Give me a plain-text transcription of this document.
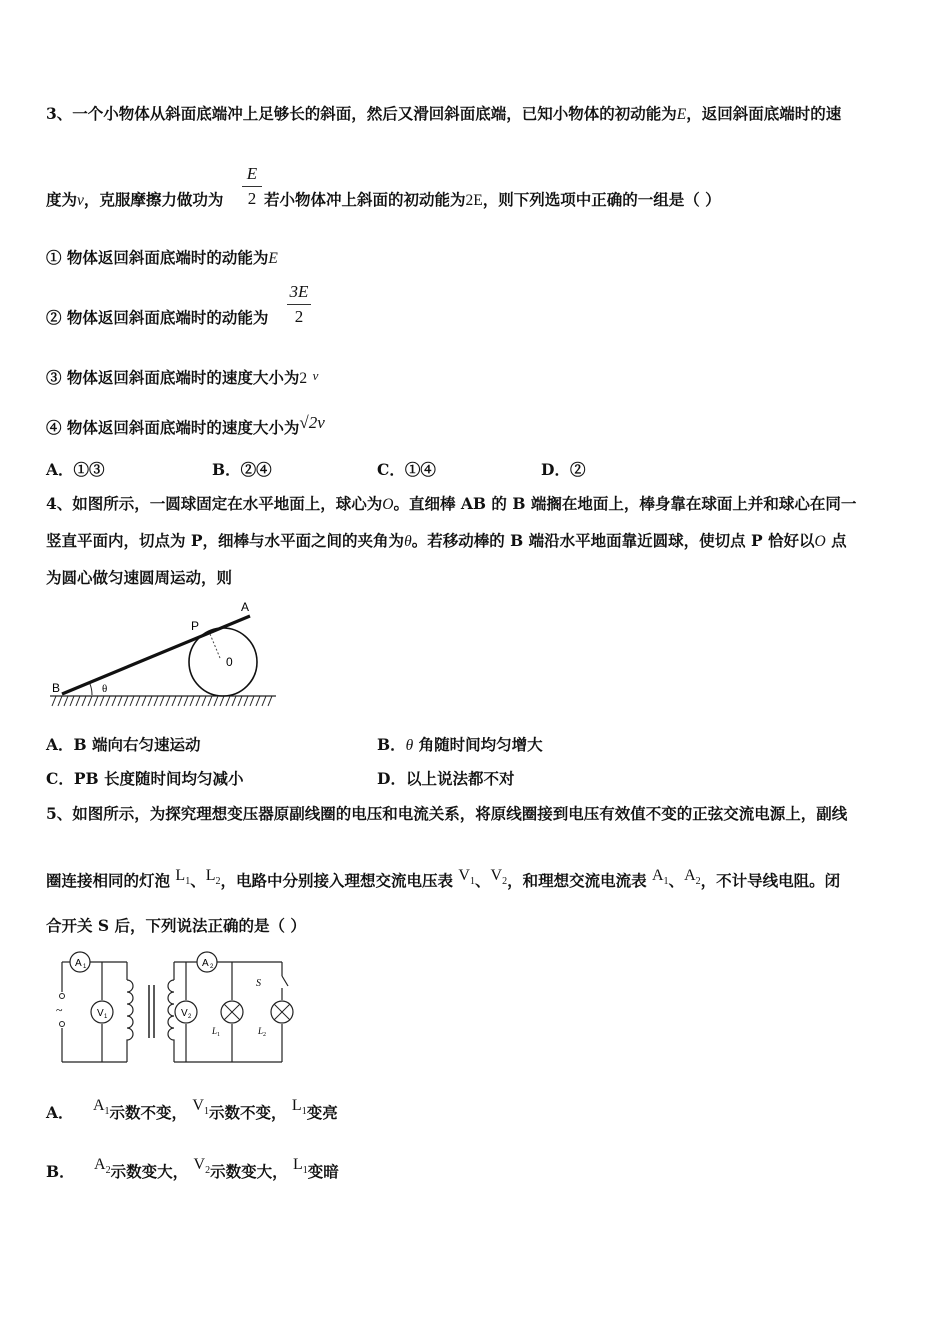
3、一个小物体从斜面底端冲上足够长的斜面，然后又滑回斜面底端，已知小物体的初动能为E，返回斜面底端时的速
度为v，克服摩擦力做功为
E
2 若小物体冲上斜面的初动能为2E，则下列选项中正确的一组是（ ）
① 物体返回斜面底端时的动能为E
② 物体返回斜面底端时的动能为
3E
2
③ 物体返回斜面底端时的速度大小为2 v
④ 物体返回斜面底端时的速度大小为√2v
A．①③	B．②④	C．①④	D．②
4、如图所示，一圆球固定在水平地面上，球心为O。直细棒 AB 的 B 端搁在地面上，棒身靠在球面上并和球心在同一
竖直平面内，切点为 P，细棒与水平面之间的夹角为θ。若移动棒的 B 端沿水平地面靠近圆球，使切点 P 恰好以O 点
为圆心做匀速圆周运动，则
A
P
0
B	θ
A．B 端向右匀速运动	B．θ 角随时间均匀增大
C．PB 长度随时间均匀减小	D．以上说法都不对
5、如图所示，为探究理想变压器原副线圈的电压和电流关系，将原线圈接到电压有效值不变的正弦交流电源上，副线
圈连接相同的灯泡 $L_1$、$L_2$，电路中分别接入理想交流电压表 $V_1$、$V_2$，和理想交流电流表 $A_1$、$A_2$，不计导线电阻。闭
合开关 S 后，下列说法正确的是（ ）
~
A 1
V 1
A 2
V 2
L 1	L 2
S
A． $A_1$示数不变， $V_1$示数不变， $L_1$变亮
B． $A_2$示数变大， $V_2$示数变大， $L_1$变暗
